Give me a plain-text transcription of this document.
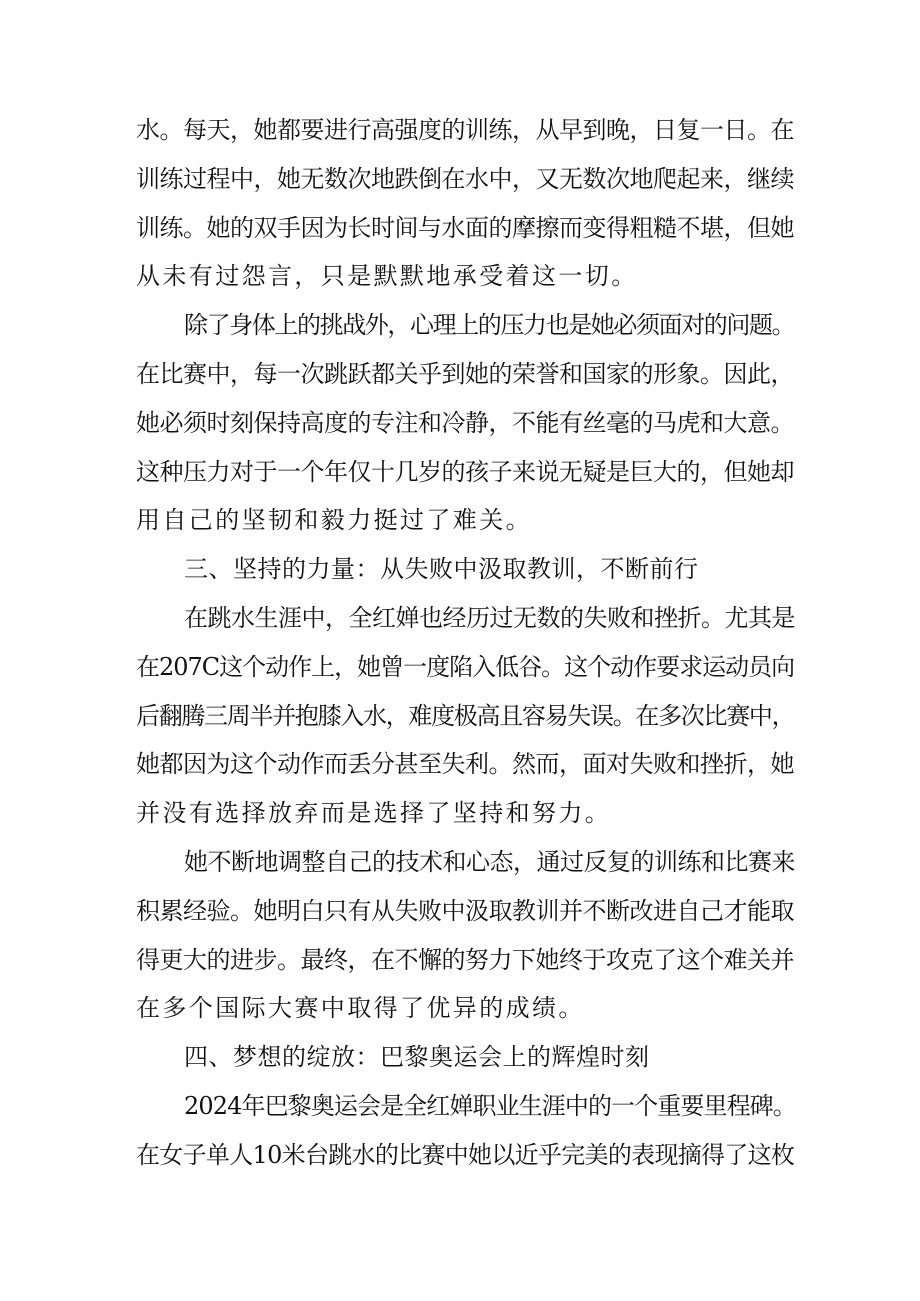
水。每天，她都要进行高强度的训练，从早到晚，日复一日。在
训练过程中，她无数次地跌倒在水中，又无数次地爬起来，继续
训练。她的双手因为长时间与水面的摩擦而变得粗糙不堪，但她
从未有过怨言，只是默默地承受着这一切。
除了身体上的挑战外，心理上的压力也是她必须面对的问题。
在比赛中，每一次跳跃都关乎到她的荣誉和国家的形象。因此，
她必须时刻保持高度的专注和冷静，不能有丝毫的马虎和大意。
这种压力对于一个年仅十几岁的孩子来说无疑是巨大的，但她却
用自己的坚韧和毅力挺过了难关。
三、坚持的力量：从失败中汲取教训，不断前行
在跳水生涯中，全红婵也经历过无数的失败和挫折。尤其是
在207C这个动作上，她曾一度陷入低谷。这个动作要求运动员向
后翻腾三周半并抱膝入水，难度极高且容易失误。在多次比赛中，
她都因为这个动作而丢分甚至失利。然而，面对失败和挫折，她
并没有选择放弃而是选择了坚持和努力。
她不断地调整自己的技术和心态，通过反复的训练和比赛来
积累经验。她明白只有从失败中汲取教训并不断改进自己才能取
得更大的进步。最终，在不懈的努力下她终于攻克了这个难关并
在多个国际大赛中取得了优异的成绩。
四、梦想的绽放：巴黎奥运会上的辉煌时刻
2024年巴黎奥运会是全红婵职业生涯中的一个重要里程碑。
在女子单人10米台跳水的比赛中她以近乎完美的表现摘得了这枚
